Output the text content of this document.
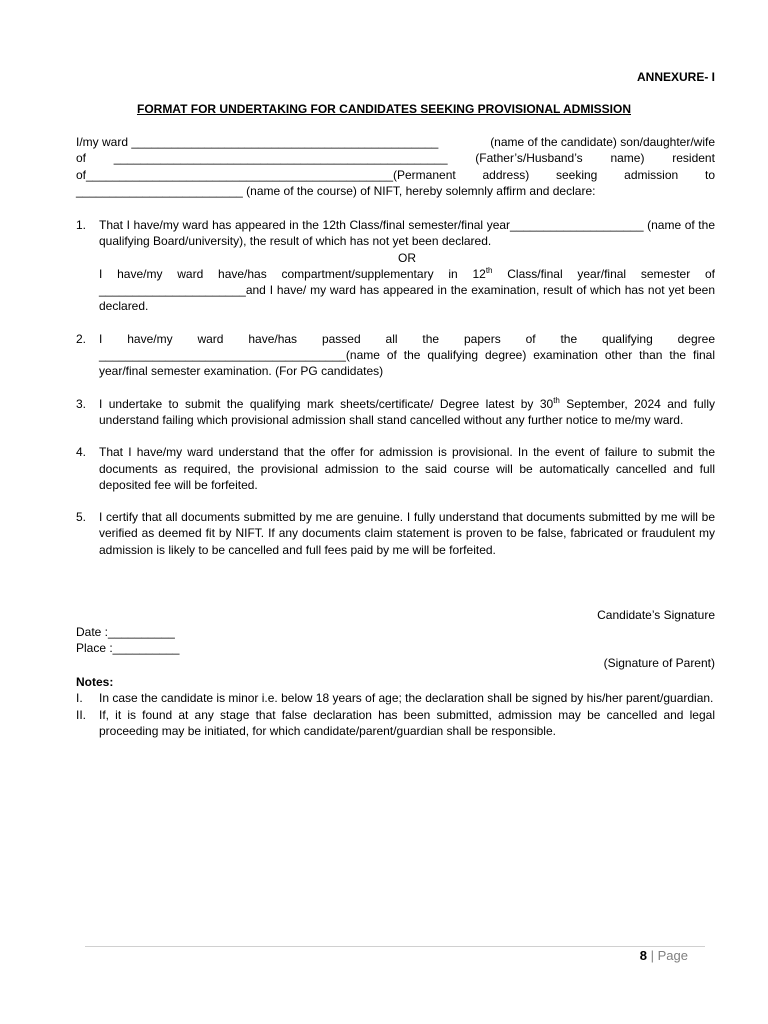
ANNEXURE- I
FORMAT FOR UNDERTAKING FOR CANDIDATES SEEKING PROVISIONAL ADMISSION
I/my ward ______________________________________________	(name of the candidate) son/daughter/wife
of __________________________________________________ (Father’s/Husband’s name) resident
of______________________________________________(Permanent address) seeking admission to
_________________________ (name of the course) of NIFT, hereby solemnly affirm and declare:
1.	That I have/my ward has appeared in the 12th Class/final semester/final year____________________ (name of the qualifying Board/university), the result of which has not yet been declared.
OR
I have/my ward have/has compartment/supplementary in 12th Class/final year/final semester of ______________________and I have/ my ward has appeared in the examination, result of which has not yet been declared.
2.	I have/my ward have/has passed all the papers of the qualifying degree _____________________________________(name of the qualifying degree) examination other than the final year/final semester examination. (For PG candidates)
3.	I undertake to submit the qualifying mark sheets/certificate/ Degree latest by 30th September, 2024 and fully understand failing which provisional admission shall stand cancelled without any further notice to me/my ward.
4.	That I have/my ward understand that the offer for admission is provisional. In the event of failure to submit the documents as required, the provisional admission to the said course will be automatically cancelled and full deposited fee will be forfeited.
5.	I certify that all documents submitted by me are genuine. I fully understand that documents submitted by me will be verified as deemed fit by NIFT. If any documents claim statement is proven to be false, fabricated or fraudulent my admission is likely to be cancelled and full fees paid by me will be forfeited.
Candidate’s Signature
Date :__________
Place :__________
(Signature of Parent)
Notes:
I.	In case the candidate is minor i.e. below 18 years of age; the declaration shall be signed by his/her parent/guardian.
II.	If, it is found at any stage that false declaration has been submitted, admission may be cancelled and legal proceeding may be initiated, for which candidate/parent/guardian shall be responsible.
8 | Page
